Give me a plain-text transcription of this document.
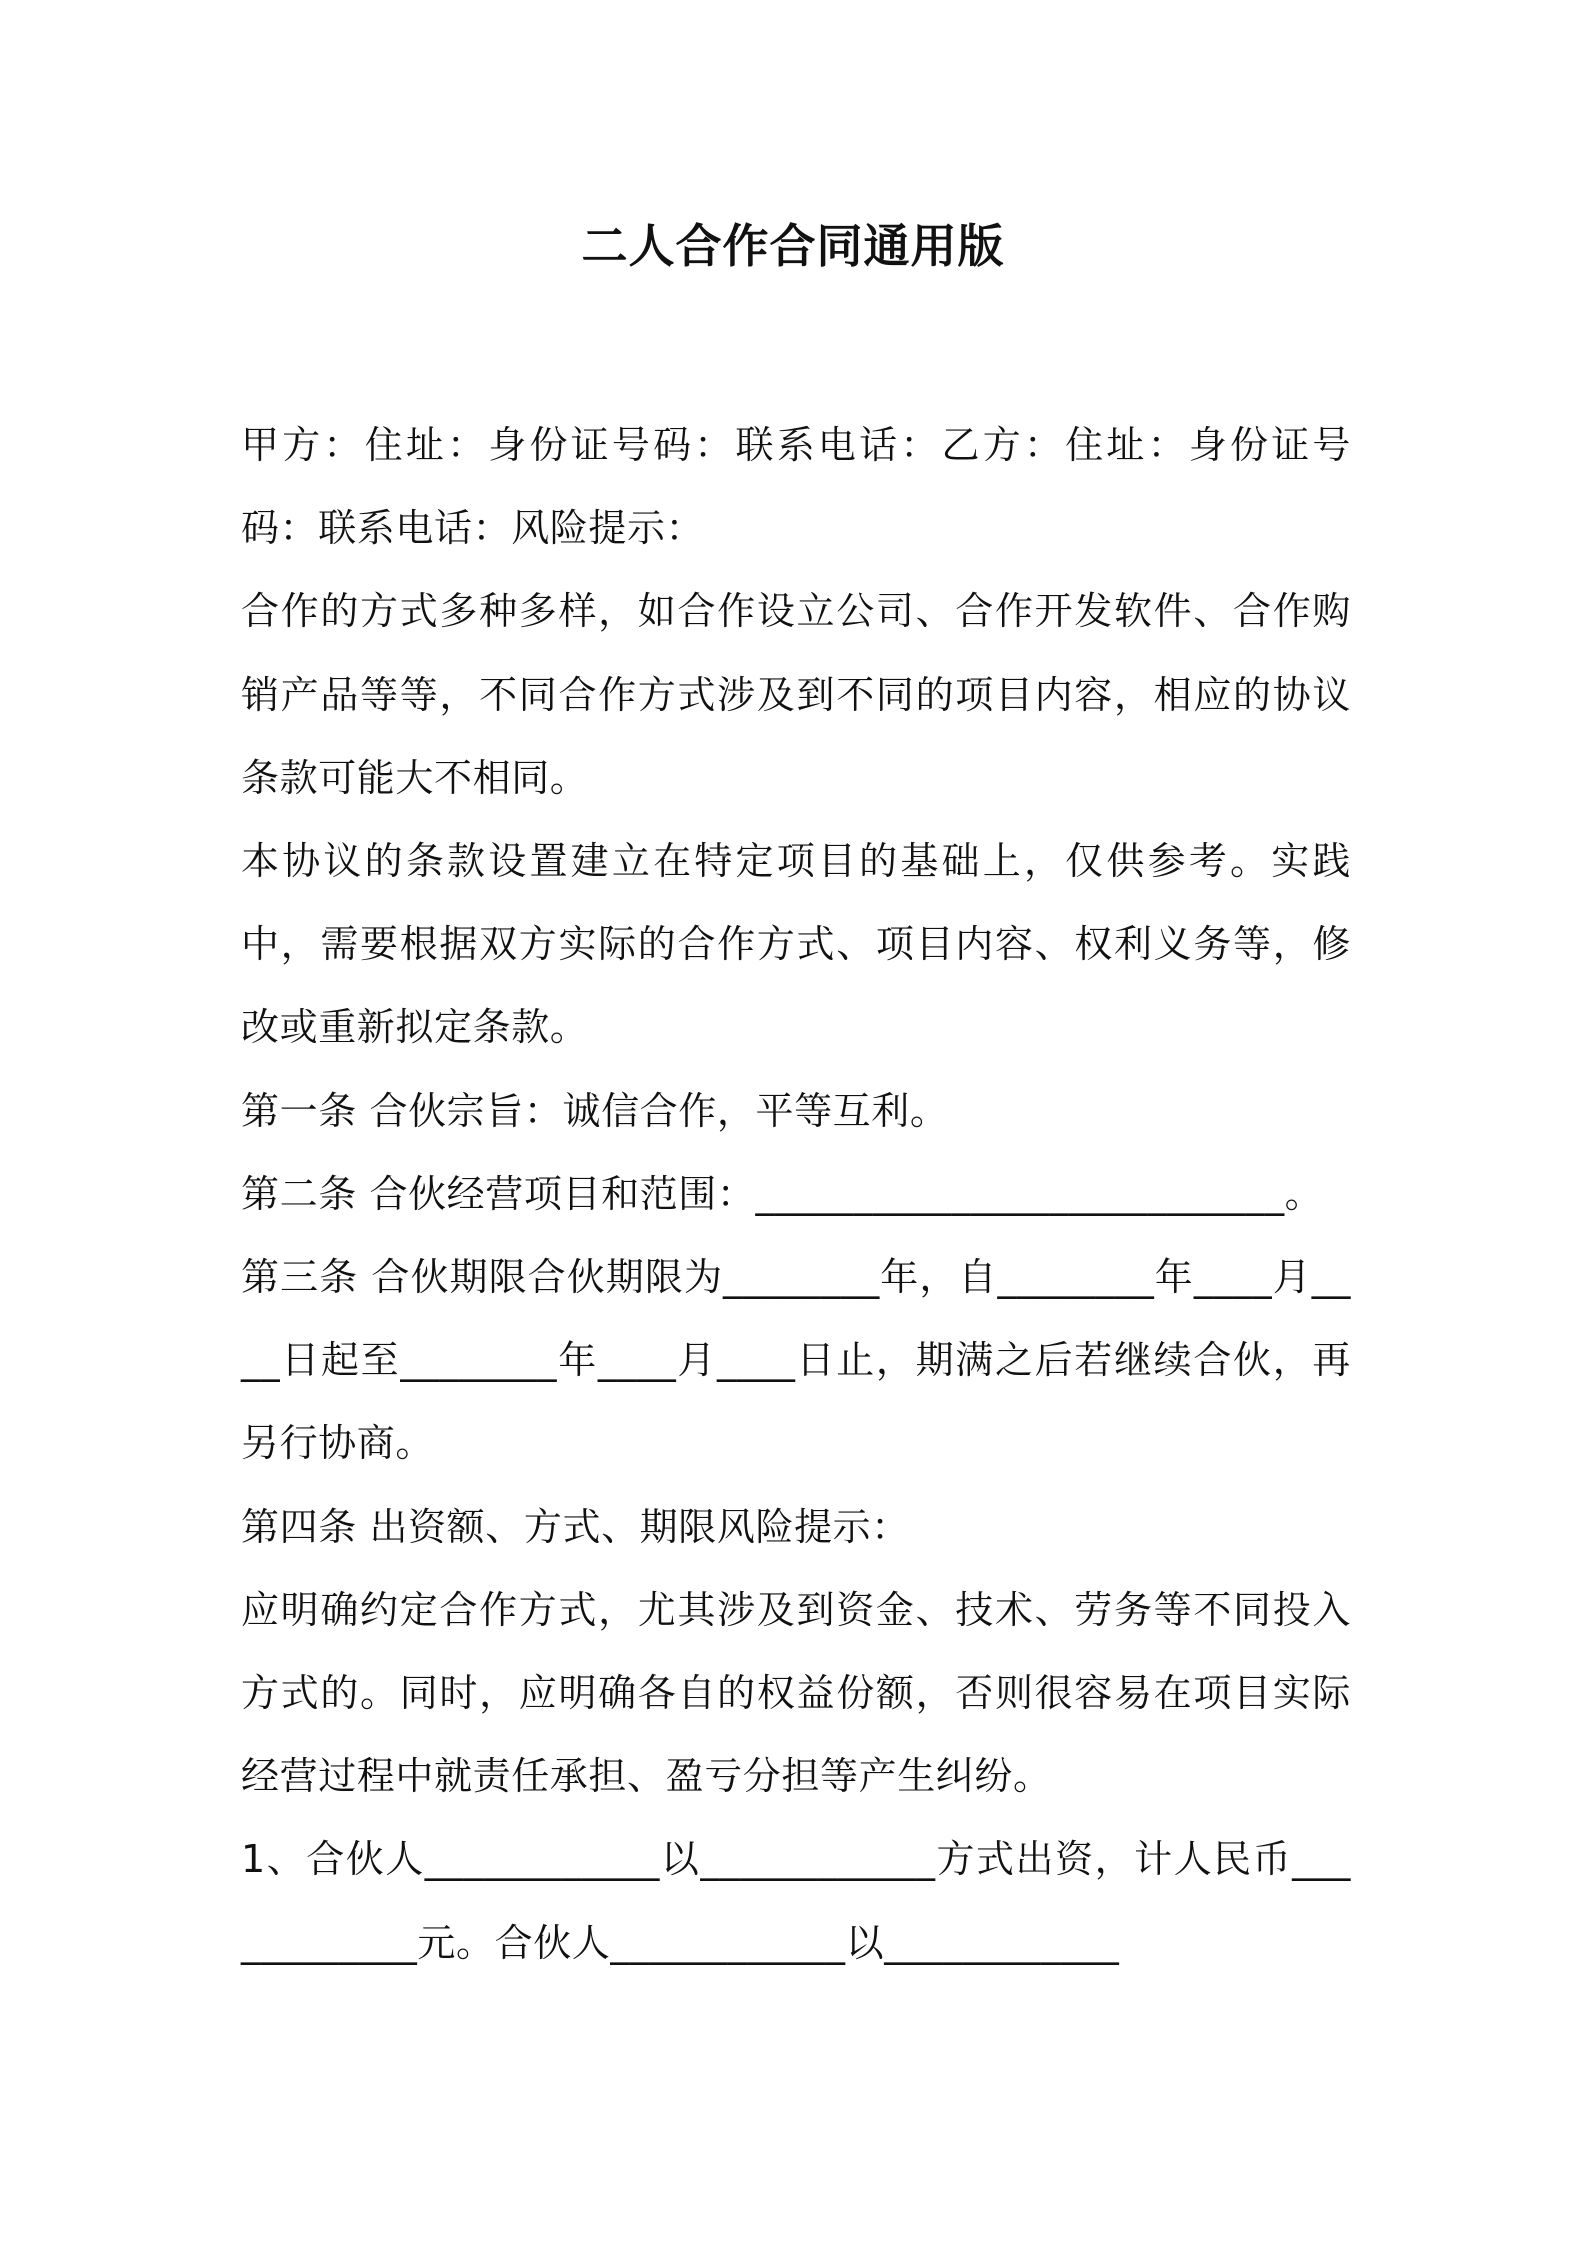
二人合作合同通用版

甲方：住址：身份证号码：联系电话：乙方：住址：身份证号码：联系电话：风险提示：

合作的方式多种多样，如合作设立公司、合作开发软件、合作购销产品等等，不同合作方式涉及到不同的项目内容，相应的协议条款可能大不相同。

本协议的条款设置建立在特定项目的基础上，仅供参考。实践中，需要根据双方实际的合作方式、项目内容、权利义务等，修改或重新拟定条款。

第一条 合伙宗旨：诚信合作，平等互利。

第二条 合伙经营项目和范围：___________________________。

第三条 合伙期限合伙期限为________年，自________年____月____日起至________年____月____日止，期满之后若继续合伙，再另行协商。

第四条 出资额、方式、期限风险提示：

应明确约定合作方式，尤其涉及到资金、技术、劳务等不同投入方式的。同时，应明确各自的权益份额，否则很容易在项目实际经营过程中就责任承担、盈亏分担等产生纠纷。

1、合伙人____________以____________方式出资，计人民币____________元。合伙人____________以____________
